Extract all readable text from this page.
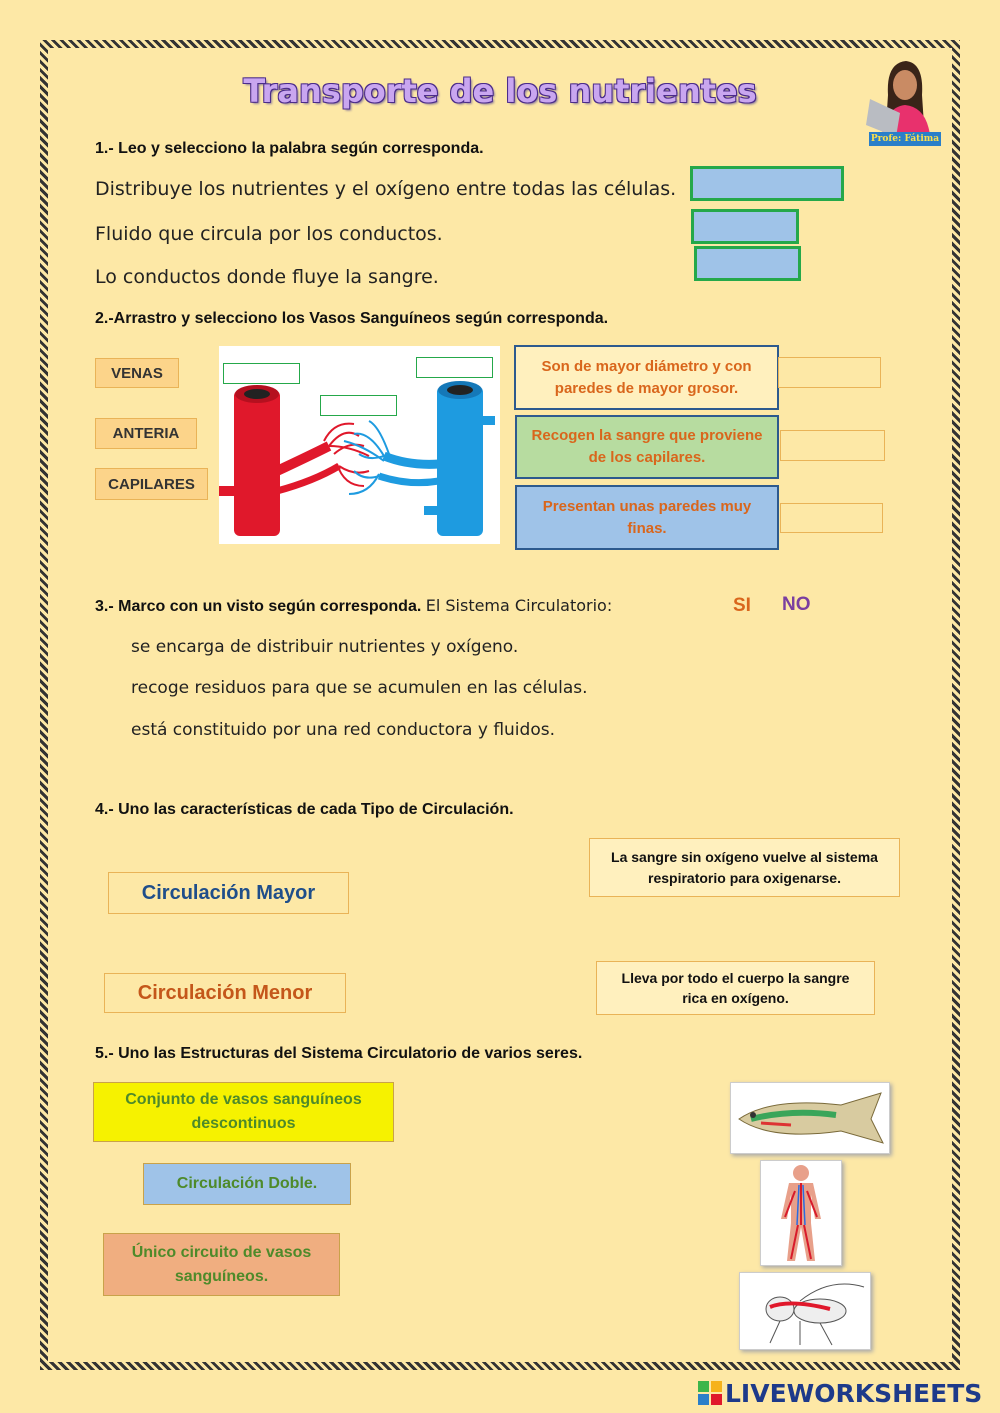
Transporte de los nutrientes
Profe: Fátima
1.- Leo y selecciono la palabra según corresponda.
Distribuye los nutrientes y el oxígeno entre todas las células.
Fluido que circula por los conductos.
Lo conductos donde fluye la sangre.
2.-Arrastro y selecciono los Vasos Sanguíneos según corresponda.
VENAS
ANTERIA
CAPILARES
Son de mayor diámetro y con paredes de mayor grosor.
Recogen la sangre que proviene de los capilares.
Presentan unas paredes muy finas.
3.- Marco con un visto según corresponda. El Sistema Circulatorio:	SI NO
se encarga de distribuir nutrientes y oxígeno.
recoge residuos para que se acumulen en las células.
está constituido por una red conductora y fluidos.
4.- Uno las características de cada Tipo de Circulación.
Circulación Mayor
Circulación Menor
La sangre sin oxígeno vuelve al sistema respiratorio para oxigenarse.
Lleva por todo el cuerpo la sangre rica en oxígeno.
5.- Uno las Estructuras del Sistema Circulatorio de varios seres.
Conjunto de vasos sanguíneos descontinuos
Circulación Doble.
Único circuito de vasos sanguíneos.
LIVEWORKSHEETS
